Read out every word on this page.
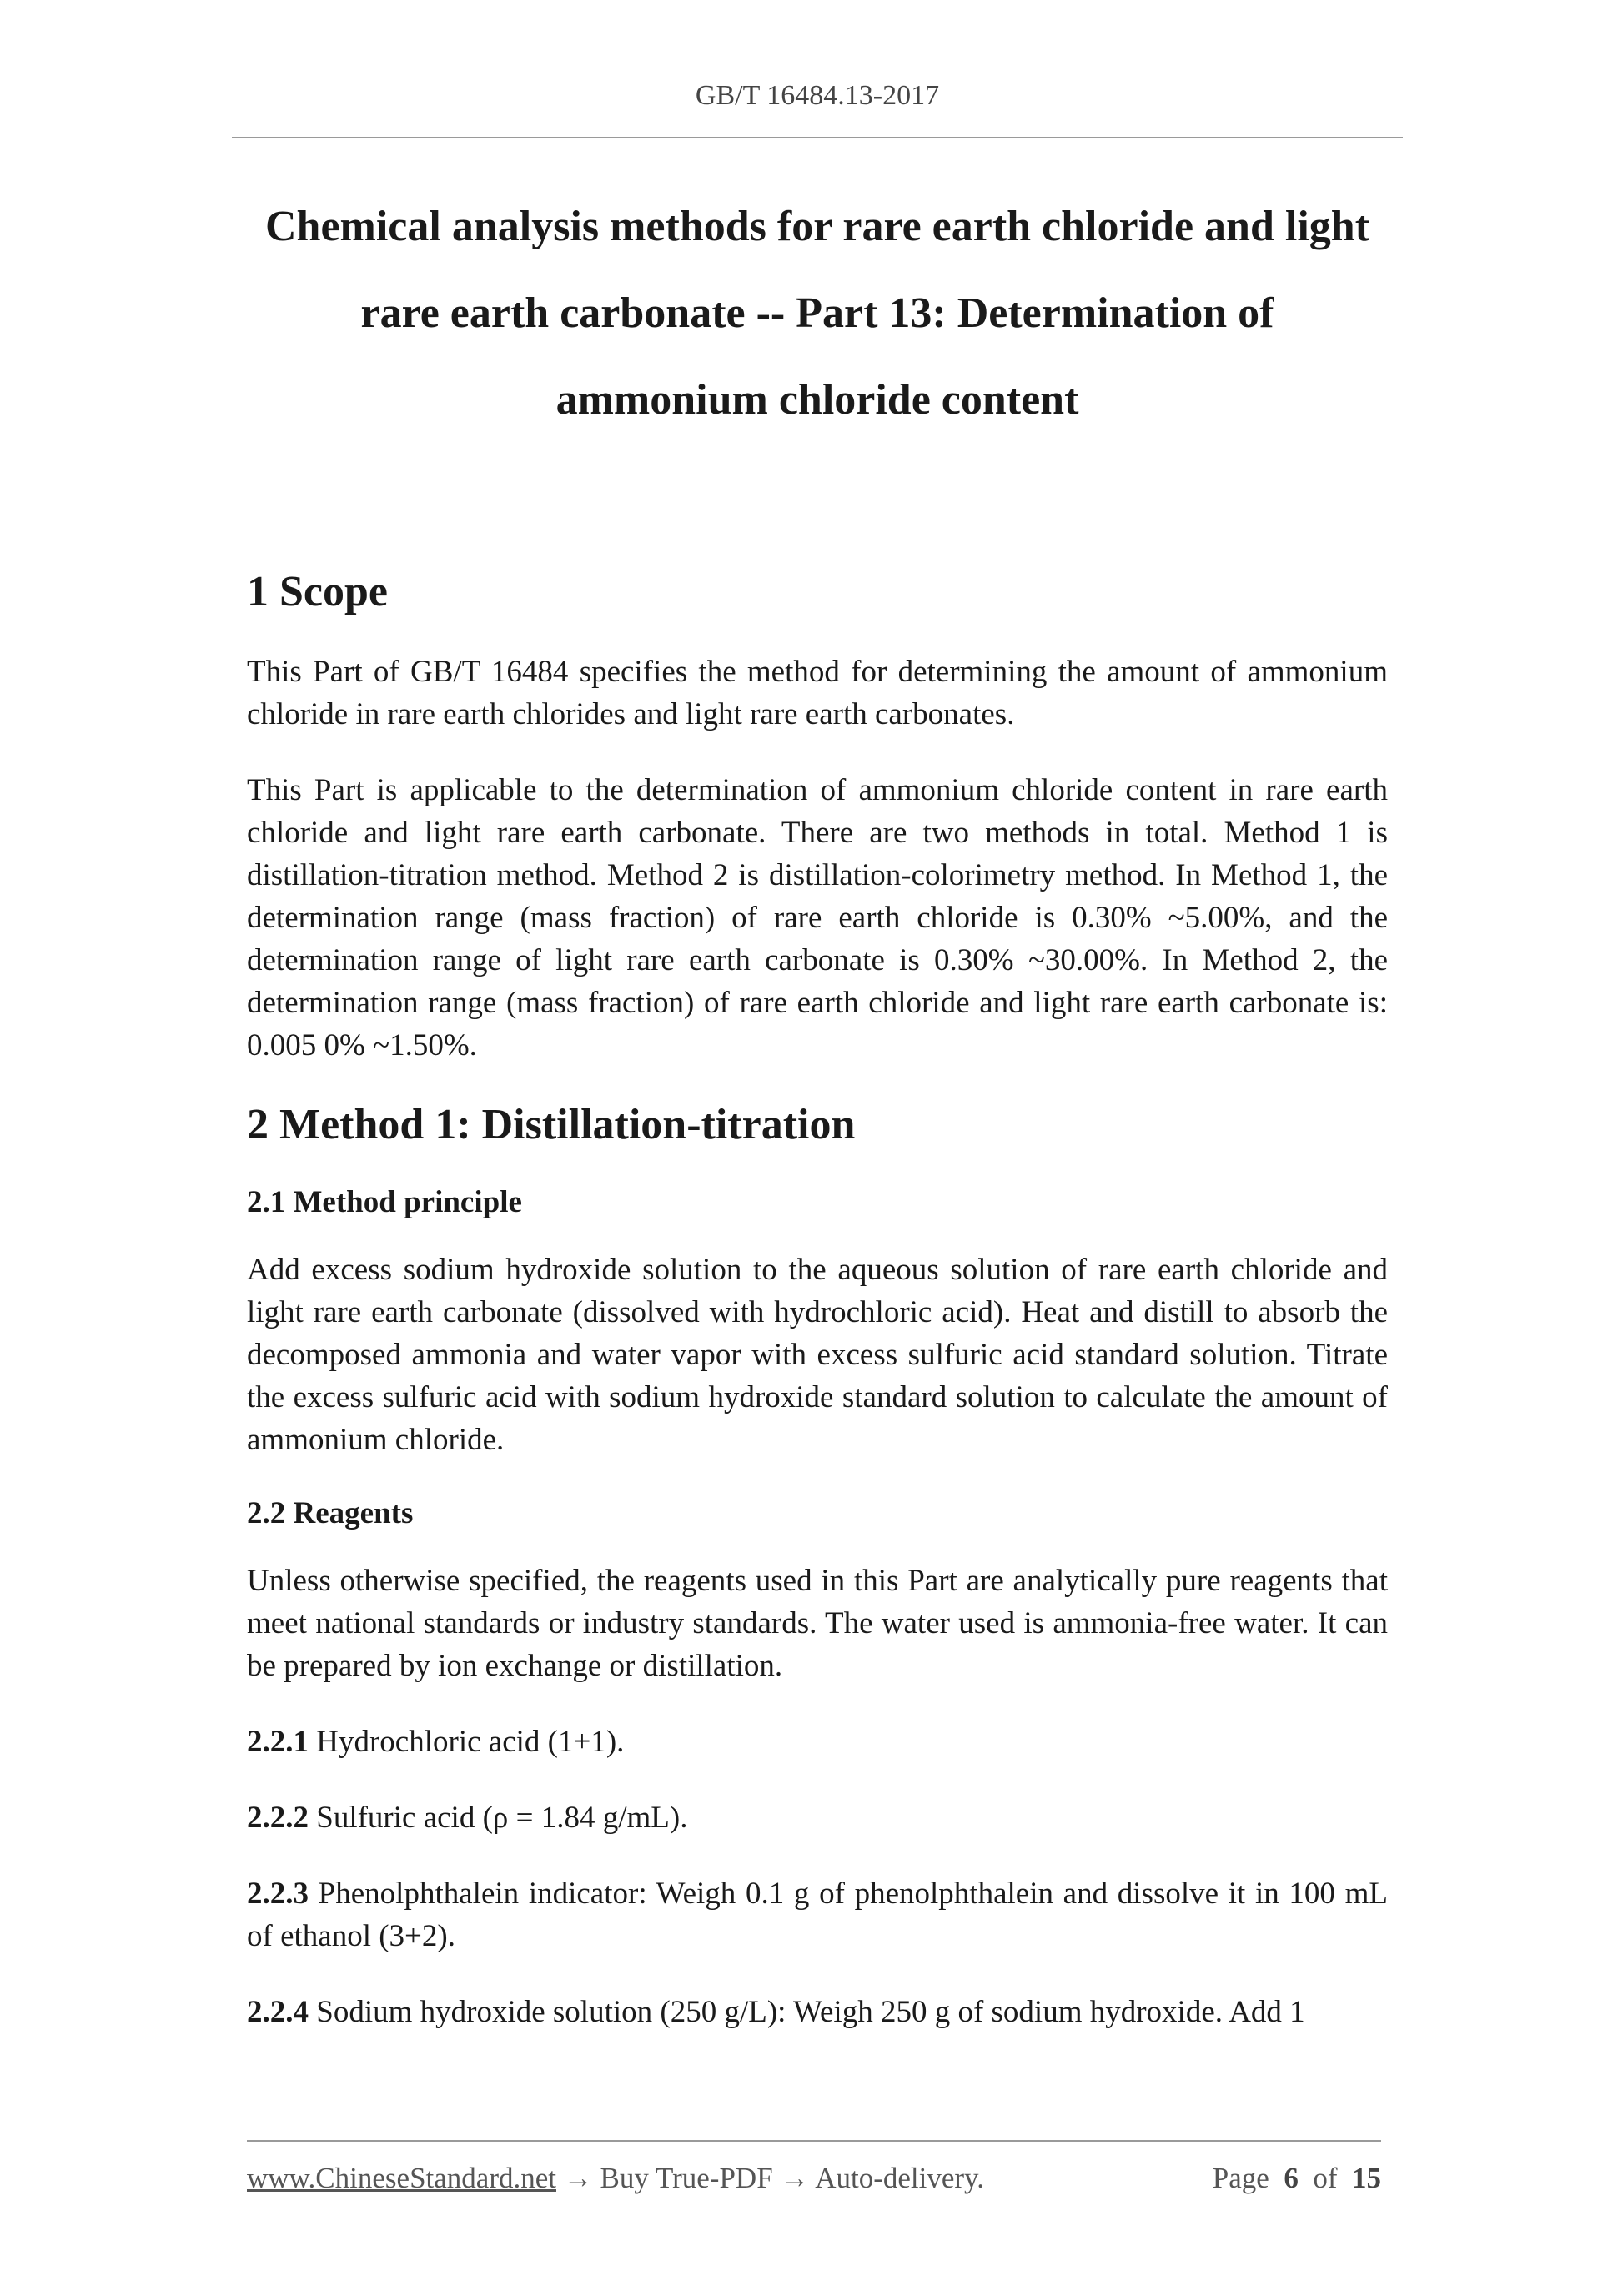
GB/T 16484.13-2017
Chemical analysis methods for rare earth chloride and light
rare earth carbonate -- Part 13: Determination of
ammonium chloride content
1 Scope

This Part of GB/T 16484 specifies the method for determining the amount of ammonium chloride in rare earth chlorides and light rare earth carbonates.

This Part is applicable to the determination of ammonium chloride content in rare earth chloride and light rare earth carbonate. There are two methods in total. Method 1 is distillation-titration method. Method 2 is distillation-colorimetry method. In Method 1, the determination range (mass fraction) of rare earth chloride is 0.30% ~5.00%, and the determination range of light rare earth carbonate is 0.30% ~30.00%. In Method 2, the determination range (mass fraction) of rare earth chloride and light rare earth carbonate is: 0.005 0% ~1.50%.

2 Method 1: Distillation-titration
2.1 Method principle

Add excess sodium hydroxide solution to the aqueous solution of rare earth chloride and light rare earth carbonate (dissolved with hydrochloric acid). Heat and distill to absorb the decomposed ammonia and water vapor with excess sulfuric acid standard solution. Titrate the excess sulfuric acid with sodium hydroxide standard solution to calculate the amount of ammonium chloride.

2.2 Reagents

Unless otherwise specified, the reagents used in this Part are analytically pure reagents that meet national standards or industry standards. The water used is ammonia-free water. It can be prepared by ion exchange or distillation.

2.2.1 Hydrochloric acid (1+1).

2.2.2 Sulfuric acid (ρ = 1.84 g/mL).

2.2.3 Phenolphthalein indicator: Weigh 0.1 g of phenolphthalein and dissolve it in 100 mL of ethanol (3+2).

2.2.4 Sodium hydroxide solution (250 g/L): Weigh 250 g of sodium hydroxide. Add 1

www.ChineseStandard.net → Buy True-PDF → Auto-delivery.	Page 6 of 15
